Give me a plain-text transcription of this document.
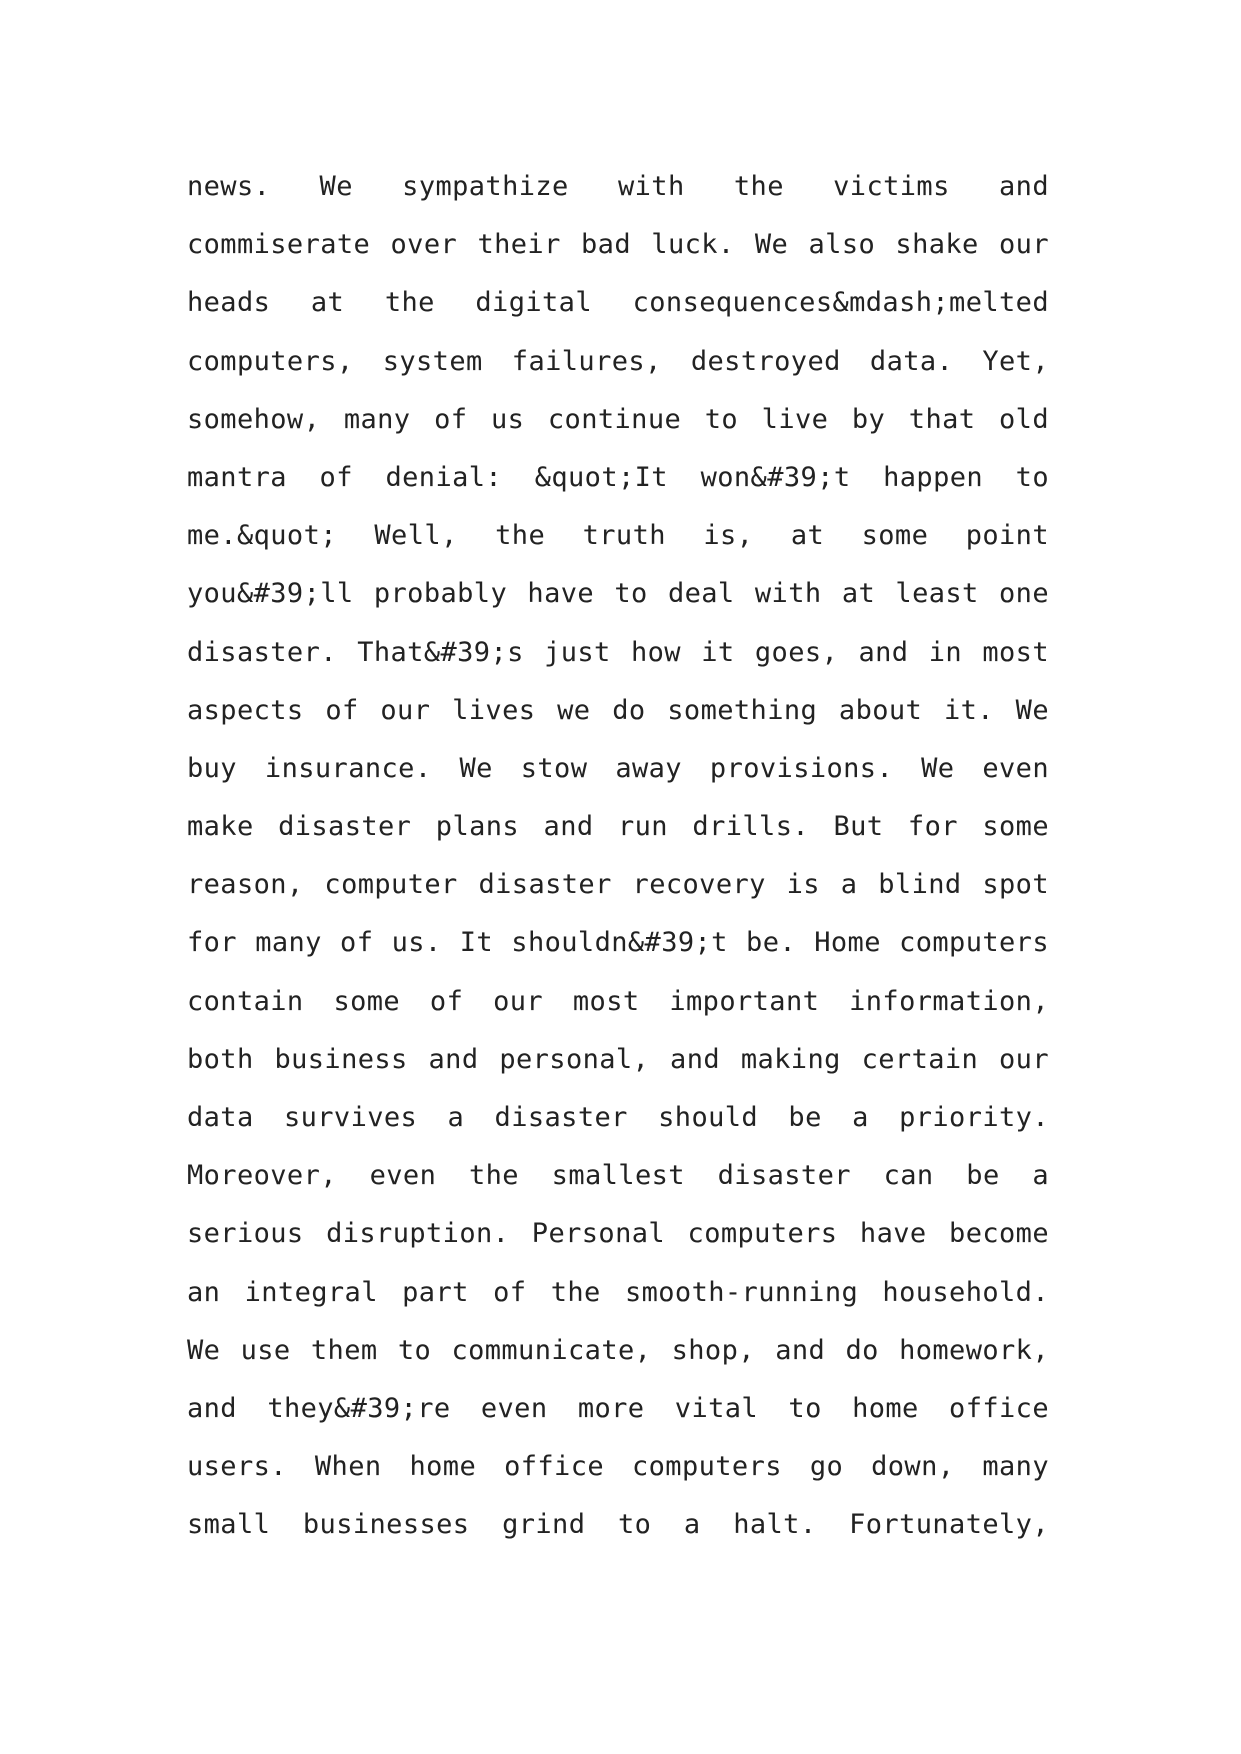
news. We sympathize with the victims and
commiserate over their bad luck. We also shake our
heads at the digital consequences&mdash;melted
computers, system failures, destroyed data. Yet,
somehow, many of us continue to live by that old
mantra of denial: &quot;It won&#39;t happen to
me.&quot; Well, the truth is, at some point
you&#39;ll probably have to deal with at least one
disaster. That&#39;s just how it goes, and in most
aspects of our lives we do something about it. We
buy insurance. We stow away provisions. We even
make disaster plans and run drills. But for some
reason, computer disaster recovery is a blind spot
for many of us. It shouldn&#39;t be. Home computers
contain some of our most important information,
both business and personal, and making certain our
data survives a disaster should be a priority.
Moreover, even the smallest disaster can be a
serious disruption. Personal computers have become
an integral part of the smooth-running household.
We use them to communicate, shop, and do homework,
and they&#39;re even more vital to home office
users. When home office computers go down, many
small businesses grind to a halt. Fortunately,
